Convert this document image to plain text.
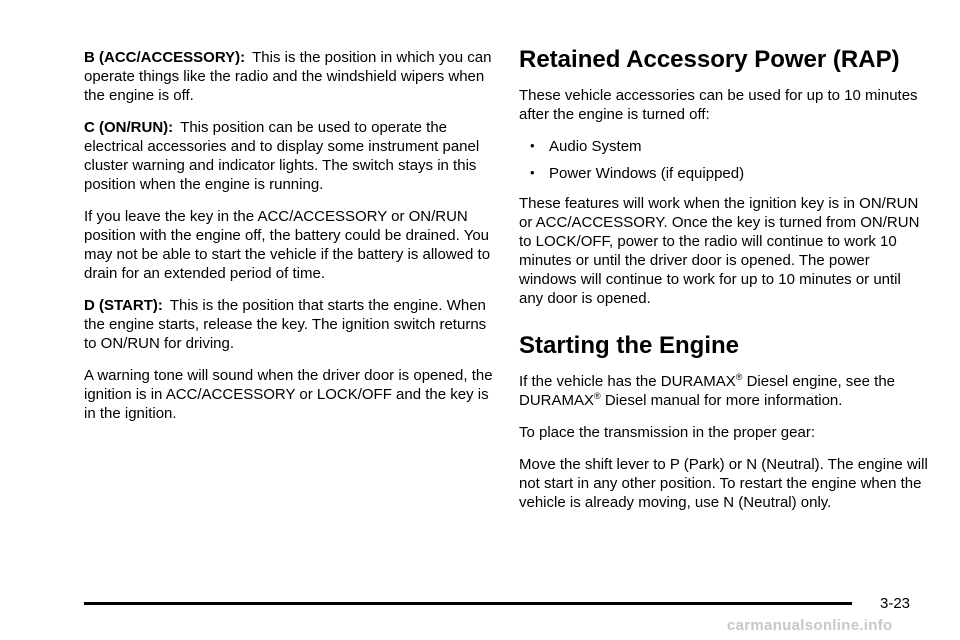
B (ACC/ACCESSORY): This is the position in which you can operate things like the radio and the windshield wipers when the engine is off.

C (ON/RUN): This position can be used to operate the electrical accessories and to display some instrument panel cluster warning and indicator lights. The switch stays in this position when the engine is running.

If you leave the key in the ACC/ACCESSORY or ON/RUN position with the engine off, the battery could be drained. You may not be able to start the vehicle if the battery is allowed to drain for an extended period of time.

D (START): This is the position that starts the engine. When the engine starts, release the key. The ignition switch returns to ON/RUN for driving.

A warning tone will sound when the driver door is opened, the ignition is in ACC/ACCESSORY or LOCK/OFF and the key is in the ignition.

Retained Accessory Power (RAP)

These vehicle accessories can be used for up to 10 minutes after the engine is turned off:

• Audio System
• Power Windows (if equipped)

These features will work when the ignition key is in ON/RUN or ACC/ACCESSORY. Once the key is turned from ON/RUN to LOCK/OFF, power to the radio will continue to work 10 minutes or until the driver door is opened. The power windows will continue to work for up to 10 minutes or until any door is opened.

Starting the Engine

If the vehicle has the DURAMAX® Diesel engine, see the DURAMAX® Diesel manual for more information.

To place the transmission in the proper gear:

Move the shift lever to P (Park) or N (Neutral). The engine will not start in any other position. To restart the engine when the vehicle is already moving, use N (Neutral) only.

3-23
carmanualsonline.info
